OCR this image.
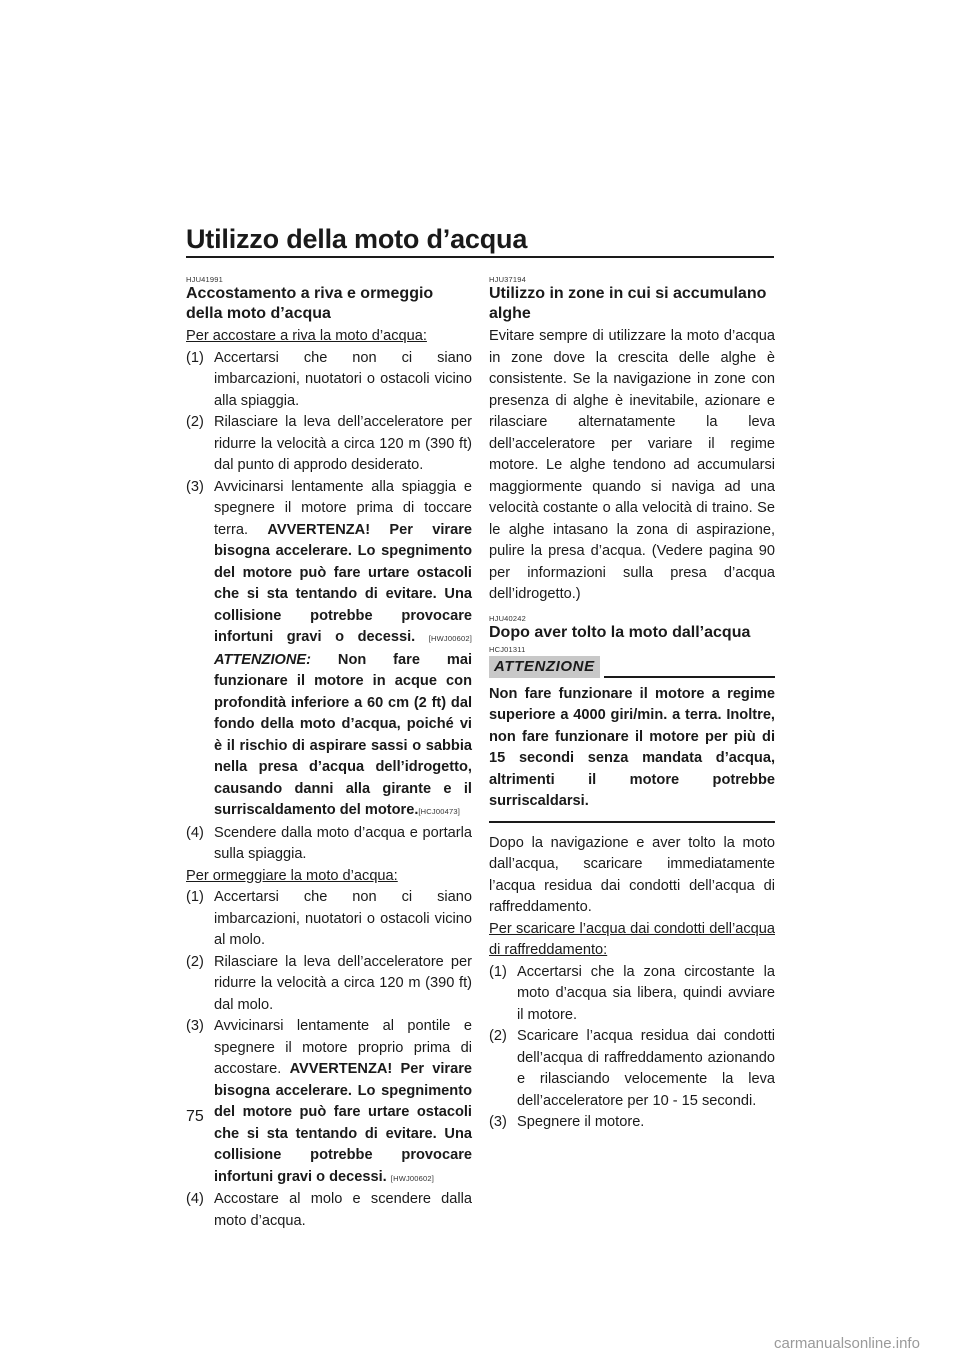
Utilizzo della moto d’acqua
75
HJU41991
Accostamento a riva e ormeggio della moto d’acqua

Per accostare a riva la moto d’acqua:

(1) Accertarsi che non ci siano imbarcazioni, nuotatori o ostacoli vicino alla spiaggia.
(2) Rilasciare la leva dell’acceleratore per ridurre la velocità a circa 120 m (390 ft) dal punto di approdo desiderato.
(3) Avvicinarsi lentamente alla spiaggia e spegnere il motore prima di toccare terra. AVVERTENZA! Per virare bisogna accelerare. Lo spegnimento del motore può fare urtare ostacoli che si sta tentando di evitare. Una collisione potrebbe provocare infortuni gravi o decessi. [HWJ00602] ATTENZIONE: Non fare mai funzionare il motore in acque con profondità inferiore a 60 cm (2 ft) dal fondo della moto d’acqua, poiché vi è il rischio di aspirare sassi o sabbia nella presa d’acqua dell’idrogetto, causando danni alla girante e il surriscaldamento del motore.[HCJ00473]
(4) Scendere dalla moto d’acqua e portarla sulla spiaggia.

Per ormeggiare la moto d’acqua:

(1) Accertarsi che non ci siano imbarcazioni, nuotatori o ostacoli vicino al molo.
(2) Rilasciare la leva dell’acceleratore per ridurre la velocità a circa 120 m (390 ft) dal molo.
(3) Avvicinarsi lentamente al pontile e spegnere il motore proprio prima di accostare. AVVERTENZA! Per virare bisogna accelerare. Lo spegnimento del motore può fare urtare ostacoli che si sta tentando di evitare. Una collisione potrebbe provocare infortuni gravi o decessi. [HWJ00602]
(4) Accostare al molo e scendere dalla moto d’acqua.
HJU37194
Utilizzo in zone in cui si accumulano alghe

Evitare sempre di utilizzare la moto d’acqua in zone dove la crescita delle alghe è consistente. Se la navigazione in zone con presenza di alghe è inevitabile, azionare e rilasciare alternatamente la leva dell’acceleratore per variare il regime motore. Le alghe tendono ad accumularsi maggiormente quando si naviga ad una velocità costante o alla velocità di traino. Se le alghe intasano la zona di aspirazione, pulire la presa d’acqua. (Vedere pagina 90 per informazioni sulla presa d’acqua dell’idrogetto.)

HJU40242
Dopo aver tolto la moto dall’acqua
HCJ01311
ATTENZIONE
Non fare funzionare il motore a regime superiore a 4000 giri/min. a terra. Inoltre, non fare funzionare il motore per più di 15 secondi senza mandata d’acqua, altrimenti il motore potrebbe surriscaldarsi.

Dopo la navigazione e aver tolto la moto dall’acqua, scaricare immediatamente l’acqua residua dai condotti dell’acqua di raffreddamento.

Per scaricare l’acqua dai condotti dell’acqua di raffreddamento:

(1) Accertarsi che la zona circostante la moto d’acqua sia libera, quindi avviare il motore.
(2) Scaricare l’acqua residua dai condotti dell’acqua di raffreddamento azionando e rilasciando velocemente la leva dell’acceleratore per 10 - 15 secondi.
(3) Spegnere il motore.
carmanualsonline.info
